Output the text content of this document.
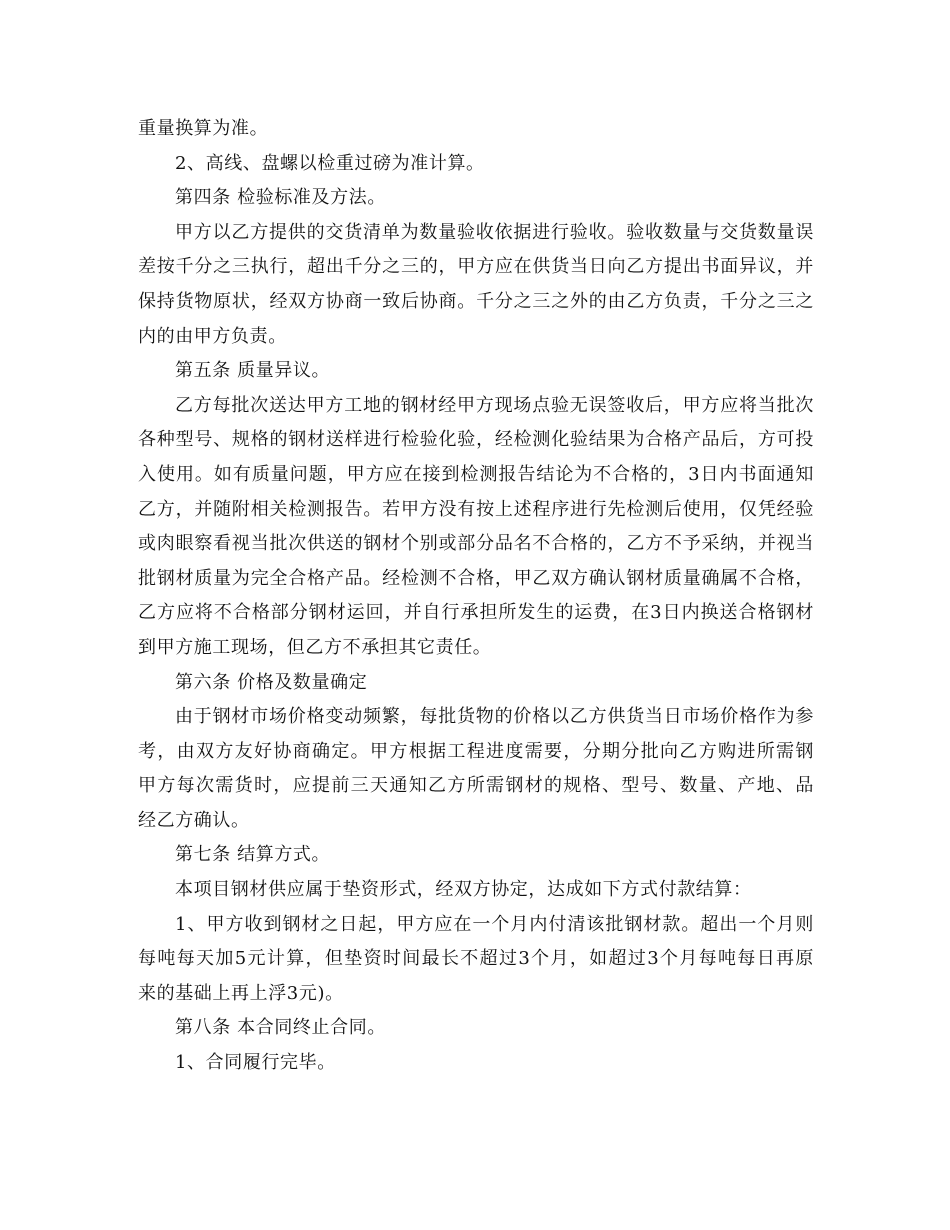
重量换算为准。
2、高线、盘螺以检重过磅为准计算。
第四条 检验标准及方法。
甲方以乙方提供的交货清单为数量验收依据进行验收。验收数量与交货数量误
差按千分之三执行，超出千分之三的，甲方应在供货当日向乙方提出书面异议，并
保持货物原状，经双方协商一致后协商。千分之三之外的由乙方负责，千分之三之
内的由甲方负责。
第五条 质量异议。
乙方每批次送达甲方工地的钢材经甲方现场点验无误签收后，甲方应将当批次
各种型号、规格的钢材送样进行检验化验，经检测化验结果为合格产品后，方可投
入使用。如有质量问题，甲方应在接到检测报告结论为不合格的，3日内书面通知
乙方，并随附相关检测报告。若甲方没有按上述程序进行先检测后使用，仅凭经验
或肉眼察看视当批次供送的钢材个别或部分品名不合格的，乙方不予采纳，并视当
批钢材质量为完全合格产品。经检测不合格，甲乙双方确认钢材质量确属不合格，
乙方应将不合格部分钢材运回，并自行承担所发生的运费，在3日内换送合格钢材
到甲方施工现场，但乙方不承担其它责任。
第六条 价格及数量确定
由于钢材市场价格变动频繁，每批货物的价格以乙方供货当日市场价格作为参
考，由双方友好协商确定。甲方根据工程进度需要，分期分批向乙方购进所需钢
甲方每次需货时，应提前三天通知乙方所需钢材的规格、型号、数量、产地、品
经乙方确认。
第七条 结算方式。
本项目钢材供应属于垫资形式，经双方协定，达成如下方式付款结算：
1、甲方收到钢材之日起，甲方应在一个月内付清该批钢材款。超出一个月则
每吨每天加5元计算，但垫资时间最长不超过3个月，如超过3个月每吨每日再原
来的基础上再上浮3元)。
第八条 本合同终止合同。
1、合同履行完毕。
